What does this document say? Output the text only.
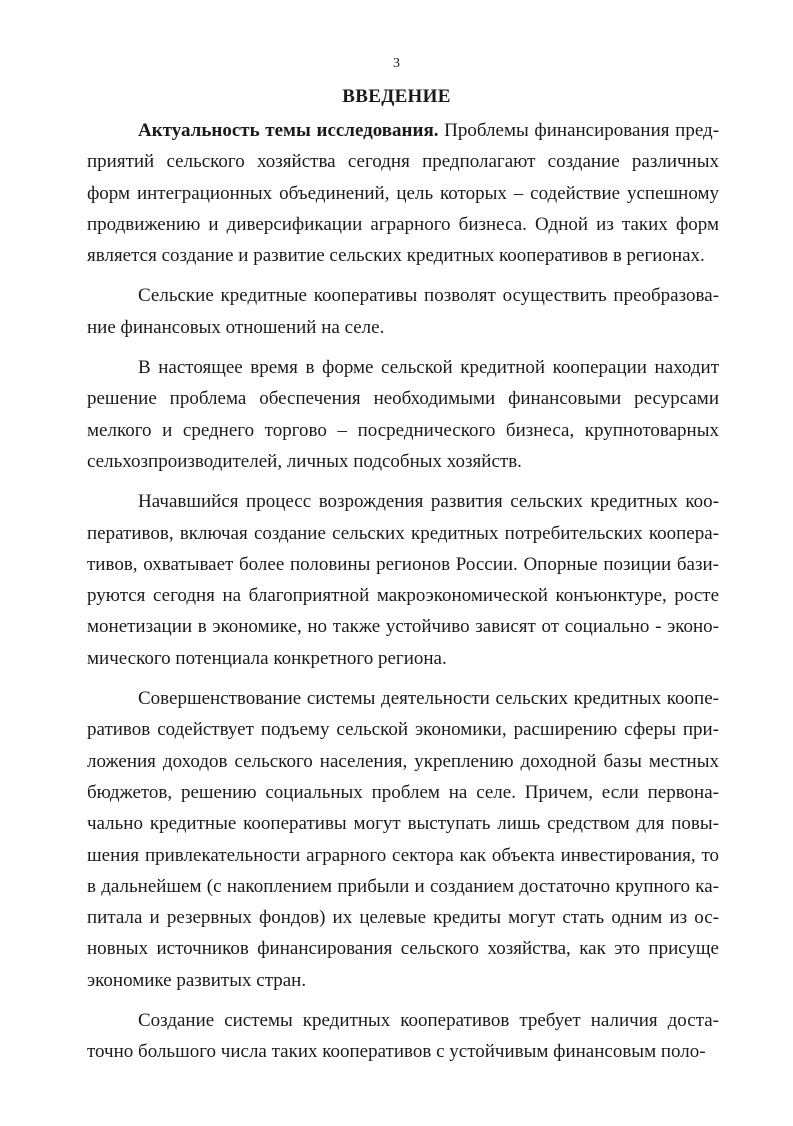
3
ВВЕДЕНИЕ

Актуальность темы исследования. Проблемы финансирования предприятий сельского хозяйства сегодня предполагают создание различных форм интеграционных объединений, цель которых – содействие успешному продвижению и диверсификации аграрного бизнеса. Одной из таких форм является создание и развитие сельских кредитных кооперативов в регионах.

Сельские кредитные кооперативы позволят осуществить преобразование финансовых отношений на селе.

В настоящее время в форме сельской кредитной кооперации находит решение проблема обеспечения необходимыми финансовыми ресурсами мелкого и среднего торгово – посреднического бизнеса, крупнотоварных сельхозпроизводителей, личных подсобных хозяйств.

Начавшийся процесс возрождения развития сельских кредитных кооперативов, включая создание сельских кредитных потребительских кооперативов, охватывает более половины регионов России. Опорные позиции базируются сегодня на благоприятной макроэкономической конъюнктуре, росте монетизации в экономике, но также устойчиво зависят от социально - экономического потенциала конкретного региона.

Совершенствование системы деятельности сельских кредитных кооперативов содействует подъему сельской экономики, расширению сферы приложения доходов сельского населения, укреплению доходной базы местных бюджетов, решению социальных проблем на селе. Причем, если первоначально кредитные кооперативы могут выступать лишь средством для повышения привлекательности аграрного сектора как объекта инвестирования, то в дальнейшем (с накоплением прибыли и созданием достаточно крупного капитала и резервных фондов) их целевые кредиты могут стать одним из основных источников финансирования сельского хозяйства, как это присуще экономике развитых стран.

Создание системы кредитных кооперативов требует наличия достаточно большого числа таких кооперативов с устойчивым финансовым поло-
